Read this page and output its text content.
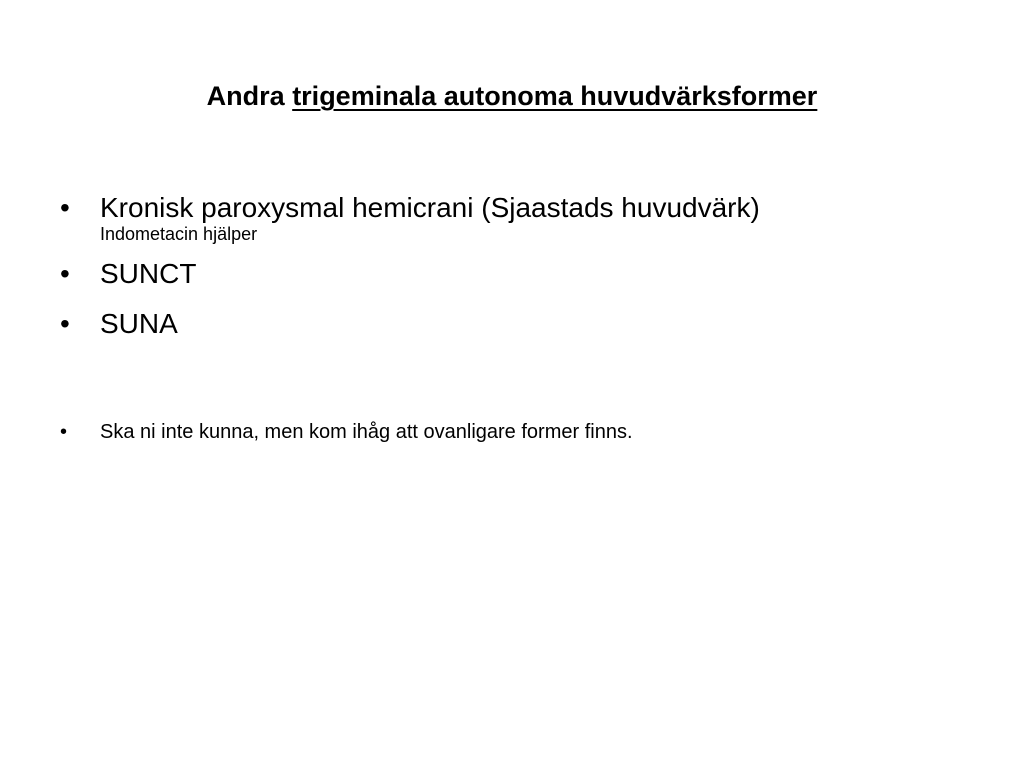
Andra trigeminala autonoma huvudvärksformer
• Kronisk paroxysmal hemicrani (Sjaastads huvudvärk)
Indometacin hjälper
• SUNCT
• SUNA
• Ska ni inte kunna, men kom ihåg att ovanligare former finns.
